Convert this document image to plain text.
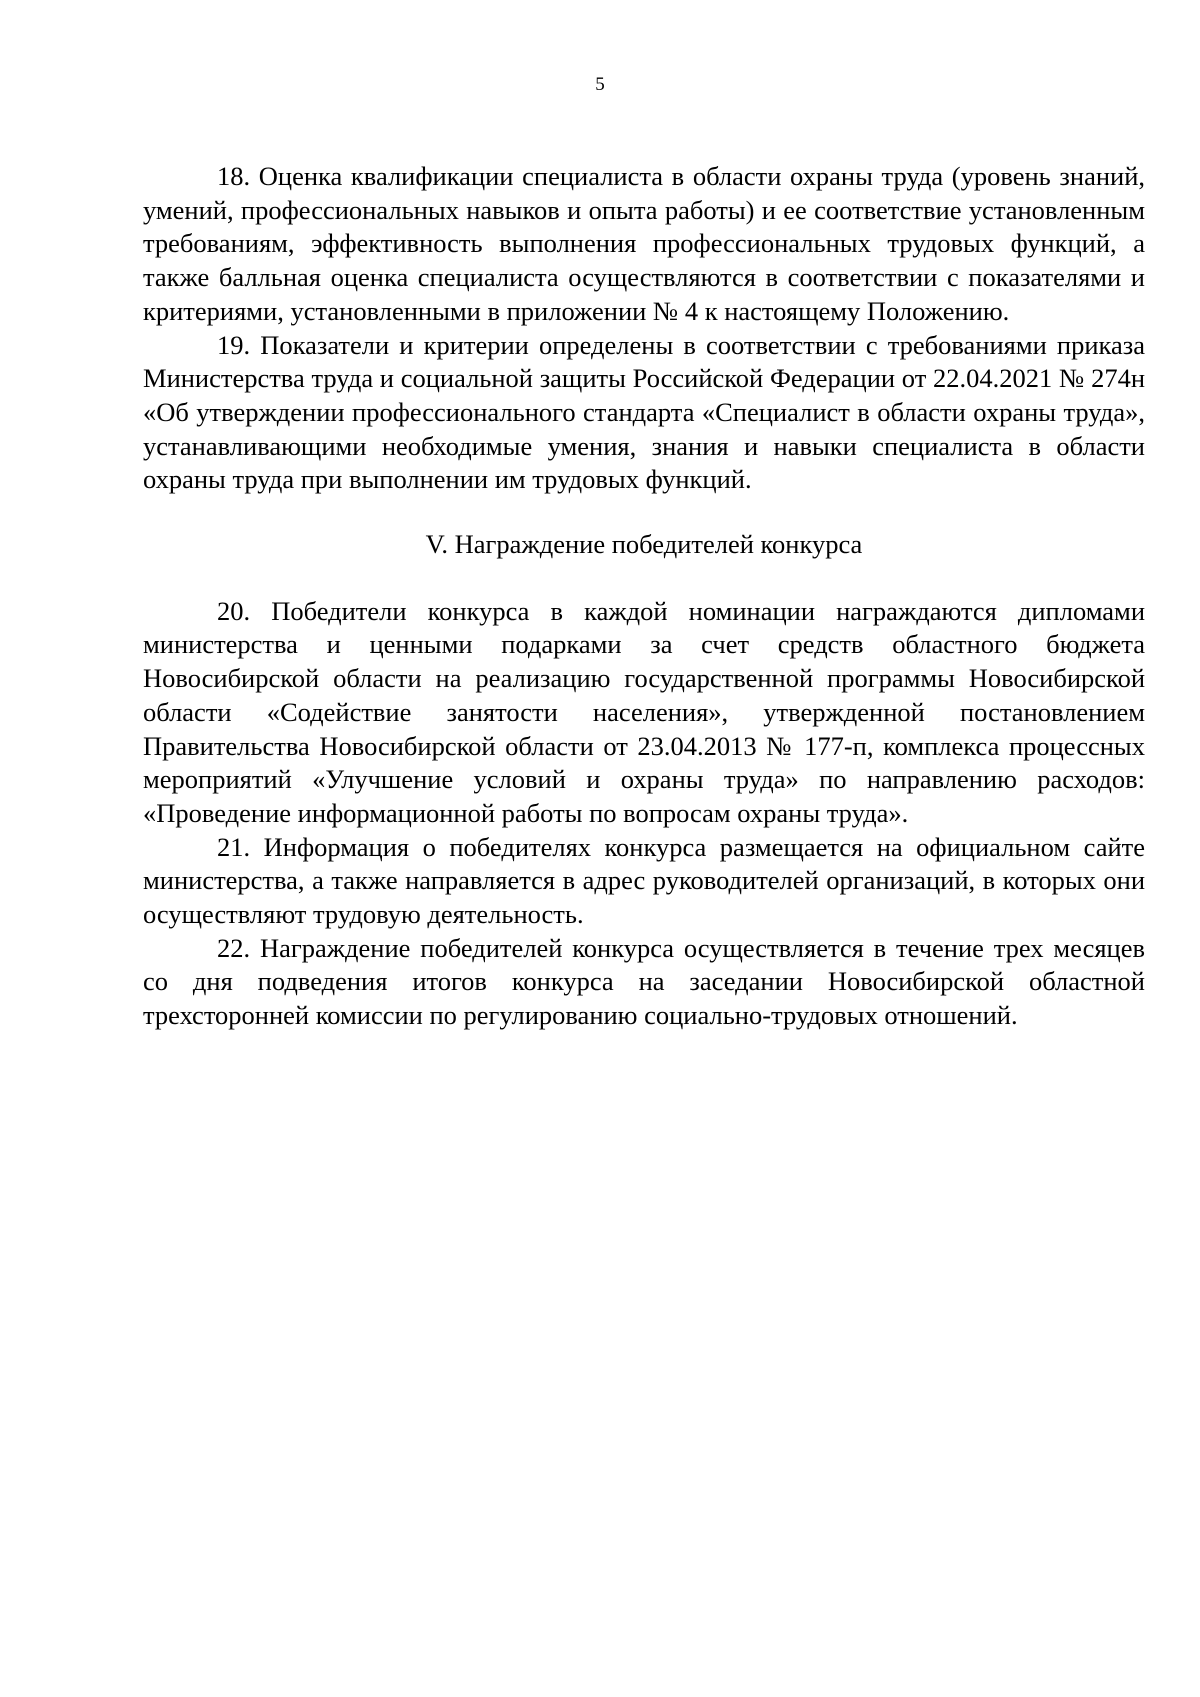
5

18. Оценка квалификации специалиста в области охраны труда (уровень знаний, умений, профессиональных навыков и опыта работы) и ее соответствие установленным требованиям, эффективность выполнения профессиональных трудовых функций, а также балльная оценка специалиста осуществляются в соответствии с показателями и критериями, установленными в приложении № 4 к настоящему Положению.

19. Показатели и критерии определены в соответствии с требованиями приказа Министерства труда и социальной защиты Российской Федерации от 22.04.2021 № 274н «Об утверждении профессионального стандарта «Специалист в области охраны труда», устанавливающими необходимые умения, знания и навыки специалиста в области охраны труда при выполнении им трудовых функций.

V. Награждение победителей конкурса

20. Победители конкурса в каждой номинации награждаются дипломами министерства и ценными подарками за счет средств областного бюджета Новосибирской области на реализацию государственной программы Новосибирской области «Содействие занятости населения», утвержденной постановлением Правительства Новосибирской области от 23.04.2013 № 177-п, комплекса процессных мероприятий «Улучшение условий и охраны труда» по направлению расходов: «Проведение информационной работы по вопросам охраны труда».

21. Информация о победителях конкурса размещается на официальном сайте министерства, а также направляется в адрес руководителей организаций, в которых они осуществляют трудовую деятельность.

22. Награждение победителей конкурса осуществляется в течение трех месяцев со дня подведения итогов конкурса на заседании Новосибирской областной трехсторонней комиссии по регулированию социально-трудовых отношений.
